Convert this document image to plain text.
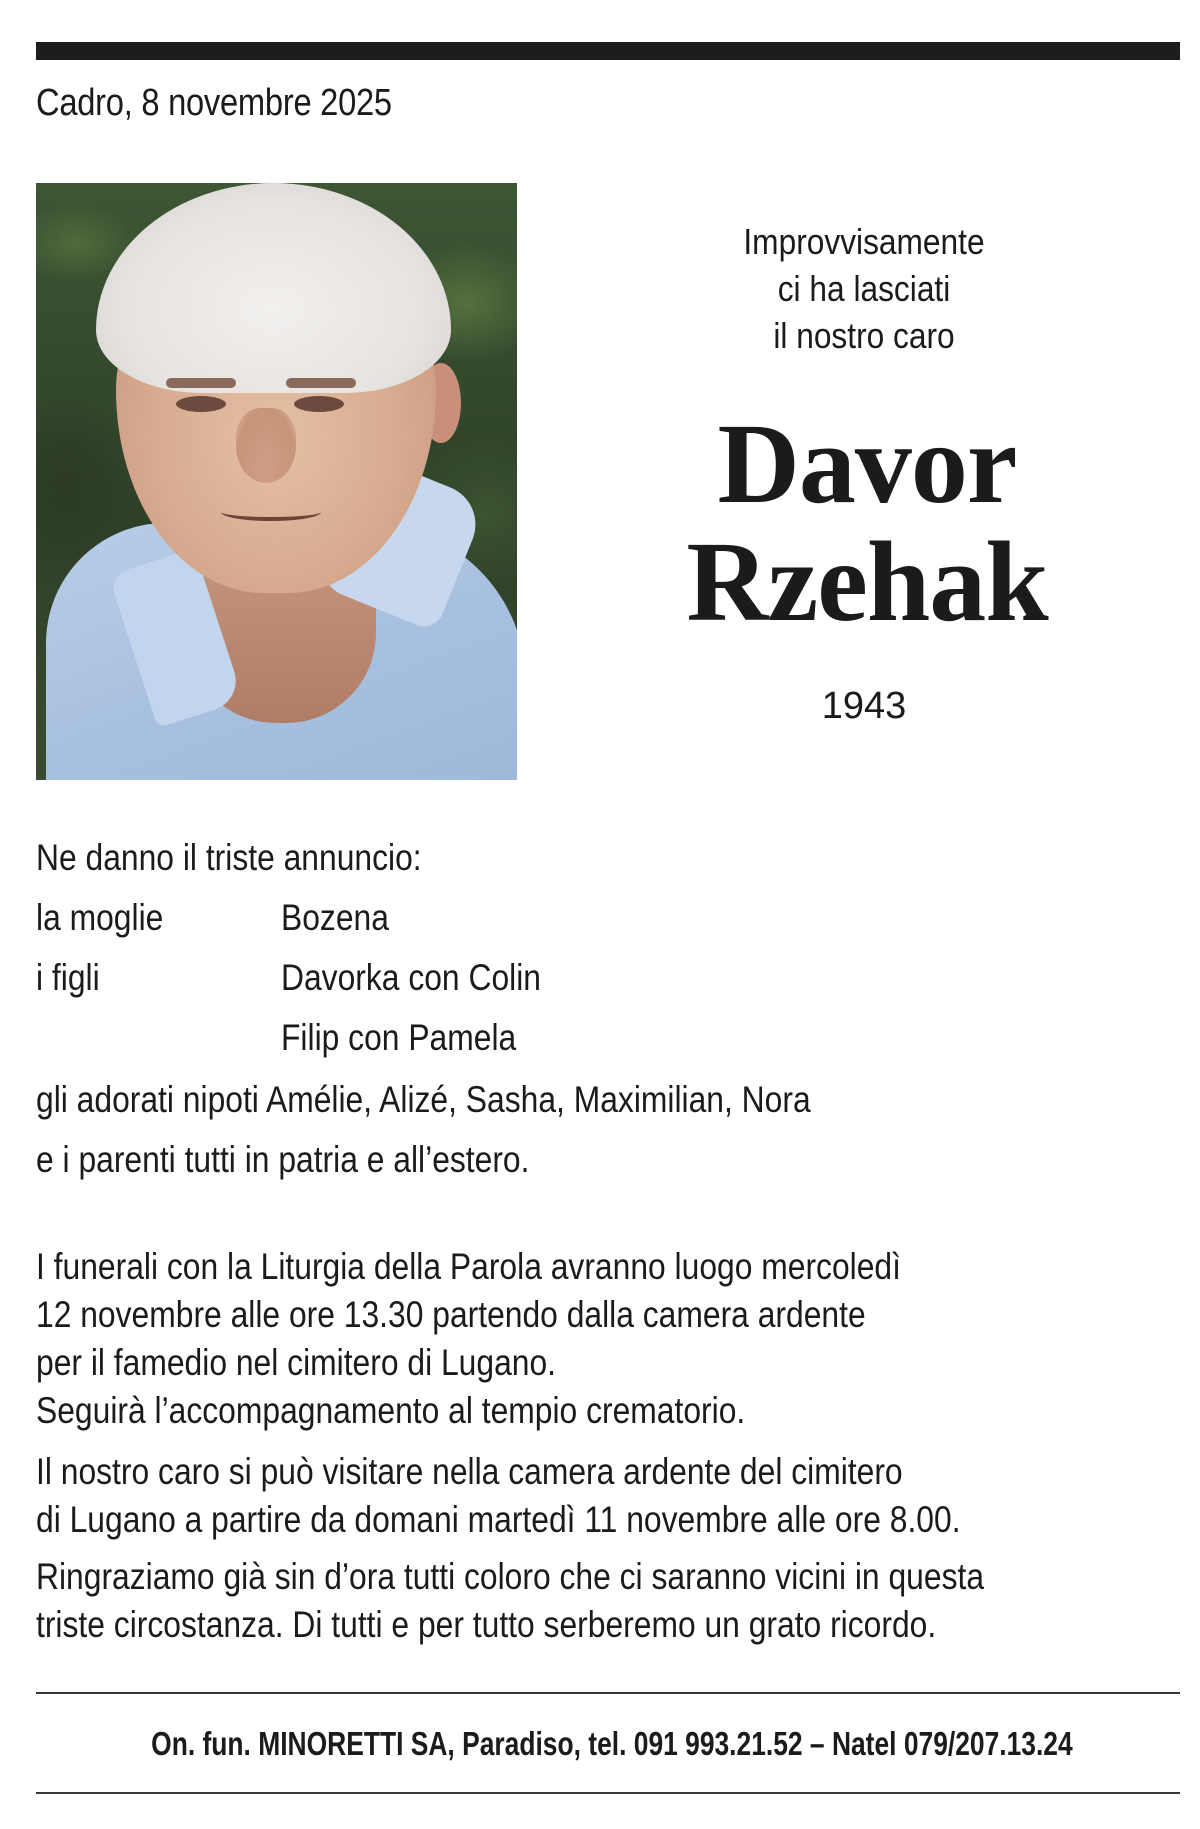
Cadro, 8 novembre 2025
Improvvisamente
ci ha lasciati
il nostro caro
Davor
Rzehak
1943
Ne danno il triste annuncio:
la moglie	Bozena
i figli	Davorka con Colin
Filip con Pamela
gli adorati nipoti Amélie, Alizé, Sasha, Maximilian, Nora
e i parenti tutti in patria e all’estero.
I funerali con la Liturgia della Parola avranno luogo mercoledì
12 novembre alle ore 13.30 partendo dalla camera ardente
per il famedio nel cimitero di Lugano.
Seguirà l’accompagnamento al tempio crematorio.
Il nostro caro si può visitare nella camera ardente del cimitero
di Lugano a partire da domani martedì 11 novembre alle ore 8.00.
Ringraziamo già sin d’ora tutti coloro che ci saranno vicini in questa
triste circostanza. Di tutti e per tutto serberemo un grato ricordo.
On. fun. MINORETTI SA, Paradiso, tel. 091 993.21.52 – Natel 079/207.13.24
